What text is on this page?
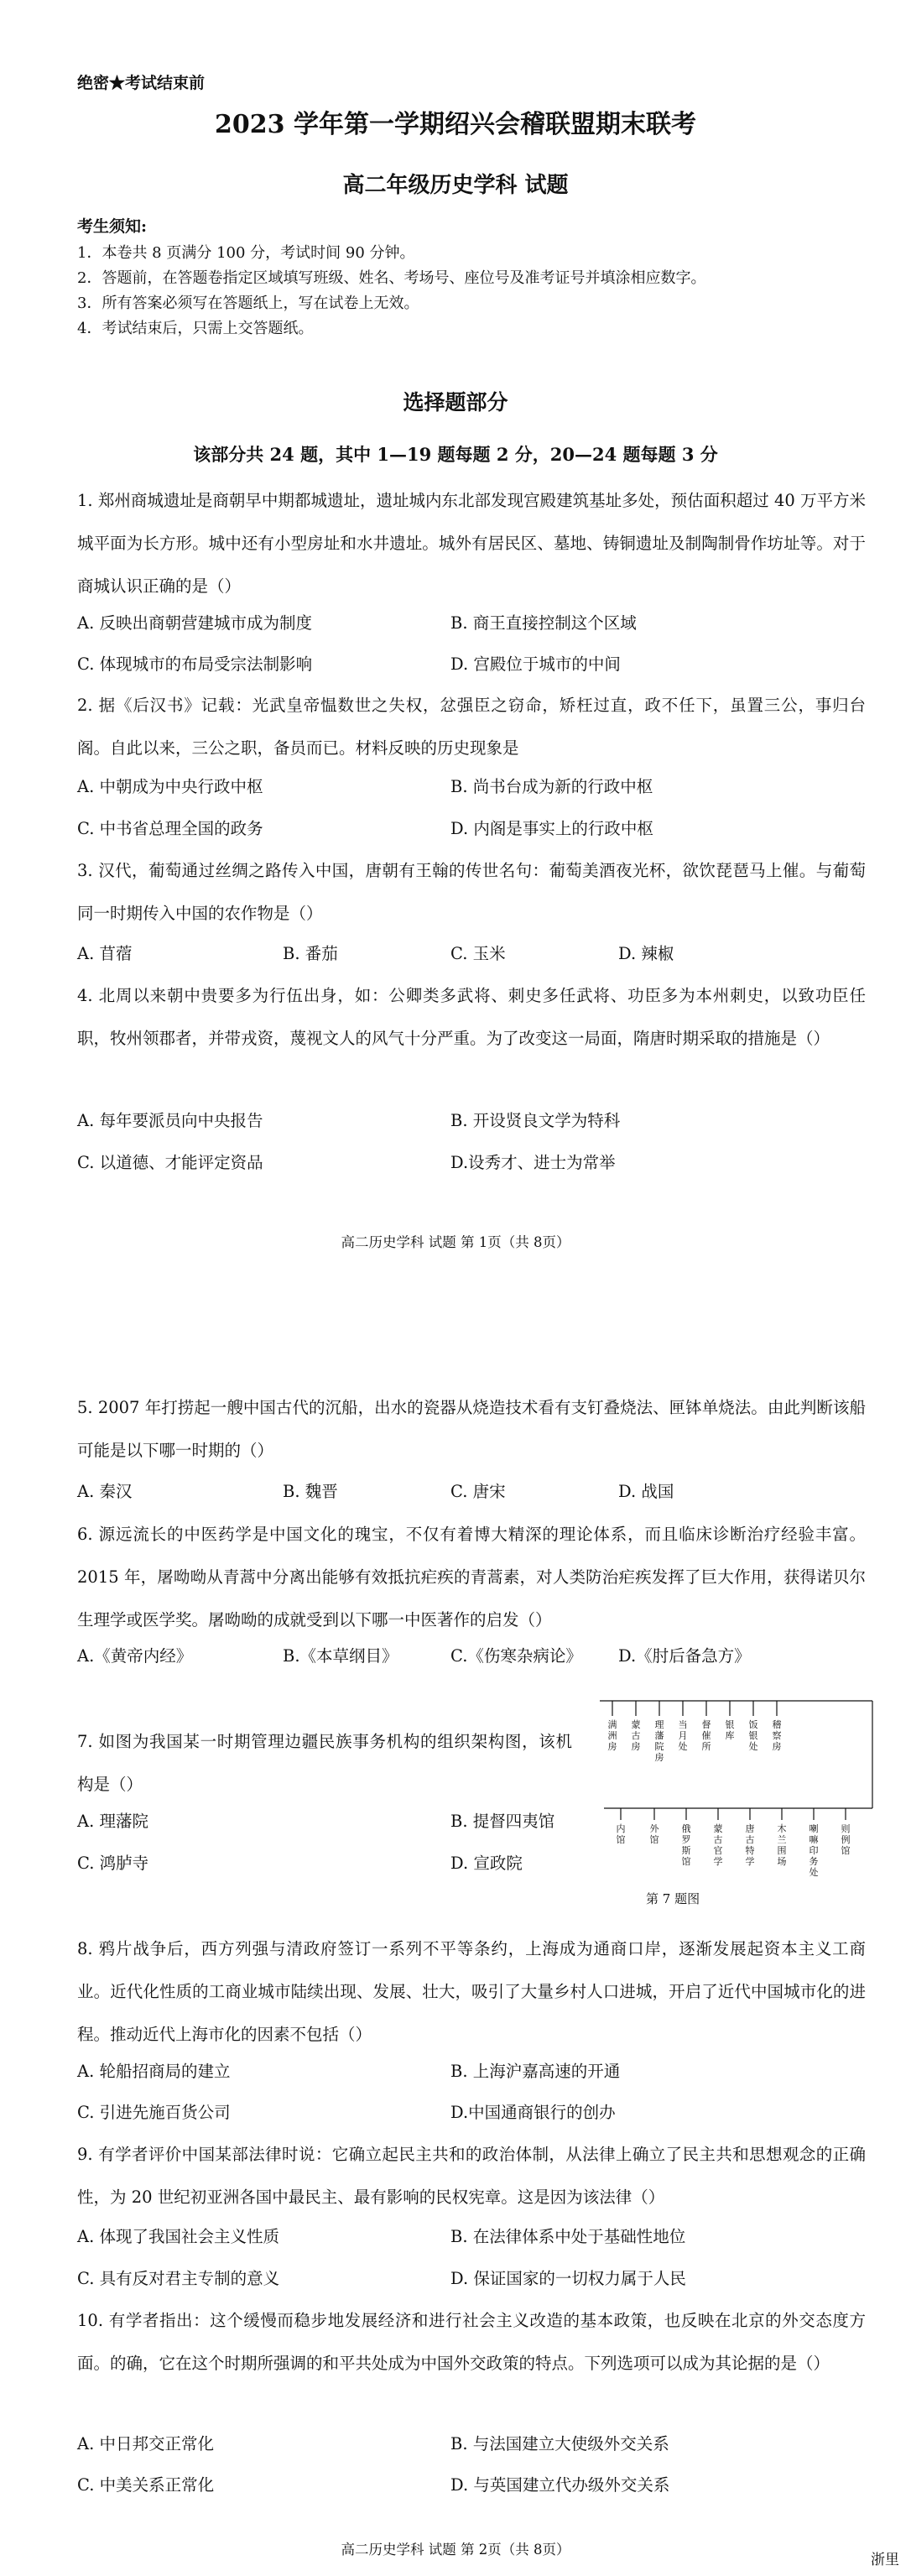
绝密★考试结束前
2023 学年第一学期绍兴会稽联盟期末联考
高二年级历史学科 试题
考生须知:
1．本卷共 8 页满分 100 分，考试时间 90 分钟。
2．答题前，在答题卷指定区域填写班级、姓名、考场号、座位号及准考证号并填涂相应数字。
3．所有答案必须写在答题纸上，写在试卷上无效。
4．考试结束后，只需上交答题纸。
选择题部分
该部分共 24 题，其中 1—19 题每题 2 分，20—24 题每题 3 分
1. 郑州商城遗址是商朝早中期都城遗址，遗址城内东北部发现宫殿建筑基址多处，预估面积超过 40 万平方米城平面为长方形。城中还有小型房址和水井遗址。城外有居民区、墓地、铸铜遗址及制陶制骨作坊址等。对于商城认识正确的是（）
A. 反映出商朝营建城市成为制度	B. 商王直接控制这个区域
C. 体现城市的布局受宗法制影响	D. 宫殿位于城市的中间
2. 据《后汉书》记载：光武皇帝愠数世之失权，忿强臣之窃命，矫枉过直，政不任下，虽置三公，事归台阁。自此以来，三公之职，备员而已。材料反映的历史现象是
A. 中朝成为中央行政中枢	B. 尚书台成为新的行政中枢
C. 中书省总理全国的政务	D. 内阁是事实上的行政中枢
3. 汉代，葡萄通过丝绸之路传入中国，唐朝有王翰的传世名句：葡萄美酒夜光杯，欲饮琵琶马上催。与葡萄同一时期传入中国的农作物是（）
A. 苜蓿	B. 番茄	C. 玉米	D. 辣椒
4. 北周以来朝中贵要多为行伍出身，如：公卿类多武将、刺史多任武将、功臣多为本州刺史，以致功臣任职，牧州领郡者，并带戎资，蔑视文人的风气十分严重。为了改变这一局面，隋唐时期采取的措施是（）
A. 每年要派员向中央报告	B. 开设贤良文学为特科
C. 以道德、才能评定资品	D.设秀才、进士为常举
高二历史学科 试题 第 1页（共 8页）
5. 2007 年打捞起一艘中国古代的沉船，出水的瓷器从烧造技术看有支钉叠烧法、匣钵单烧法。由此判断该船可能是以下哪一时期的（）
A. 秦汉	B. 魏晋	C. 唐宋	D. 战国
6. 源远流长的中医药学是中国文化的瑰宝，不仅有着博大精深的理论体系，而且临床诊断治疗经验丰富。2015 年，屠呦呦从青蒿中分离出能够有效抵抗疟疾的青蒿素，对人类防治疟疾发挥了巨大作用，获得诺贝尔生理学或医学奖。屠呦呦的成就受到以下哪一中医著作的启发（）
A.《黄帝内经》	B.《本草纲目》	C.《伤寒杂病论》 D.《肘后备急方》
7. 如图为我国某一时期管理边疆民族事务机构的组织架构图，该机构是（）
A. 理藩院	B. 提督四夷馆
C. 鸿胪寺	D. 宣政院
满洲房
蒙古房
理藩院房
当月处
督催所
银库
饭银处
稽察房
内馆
外馆
俄罗斯馆
蒙古官学
唐古特学
木兰围场
喇嘛印务处
则例馆
第 7 题图
8. 鸦片战争后，西方列强与清政府签订一系列不平等条约，上海成为通商口岸，逐渐发展起资本主义工商业。近代化性质的工商业城市陆续出现、发展、壮大，吸引了大量乡村人口进城，开启了近代中国城市化的进程。推动近代上海市化的因素不包括（）
A. 轮船招商局的建立	B. 上海沪嘉高速的开通
C. 引进先施百货公司	D.中国通商银行的创办
9. 有学者评价中国某部法律时说：它确立起民主共和的政治体制，从法律上确立了民主共和思想观念的正确性，为 20 世纪初亚洲各国中最民主、最有影响的民权宪章。这是因为该法律（）
A. 体现了我国社会主义性质	B. 在法律体系中处于基础性地位
C. 具有反对君主专制的意义	D. 保证国家的一切权力属于人民
10. 有学者指出：这个缓慢而稳步地发展经济和进行社会主义改造的基本政策，也反映在北京的外交态度方面。的确，它在这个时期所强调的和平共处成为中国外交政策的特点。下列选项可以成为其论据的是（）
A. 中日邦交正常化	B. 与法国建立大使级外交关系
C. 中美关系正常化	D. 与英国建立代办级外交关系
高二历史学科 试题 第 2页（共 8页）
浙里
